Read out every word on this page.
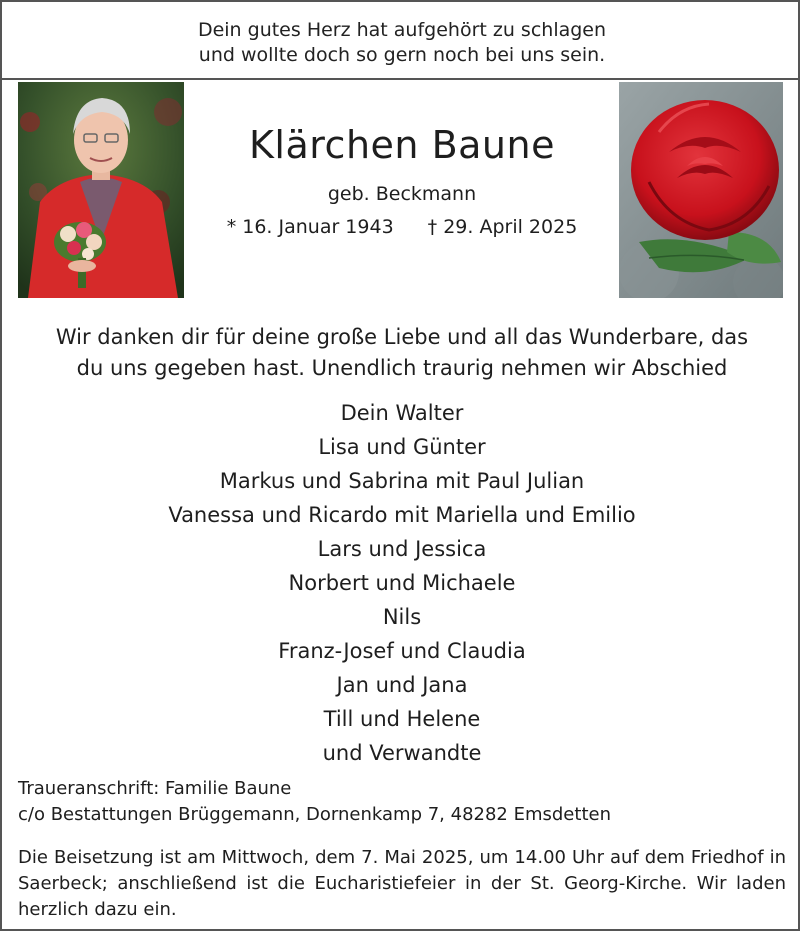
Dein gutes Herz hat aufgehört zu schlagen
und wollte doch so gern noch bei uns sein.
Klärchen Baune
geb. Beckmann
* 16. Januar 1943 † 29. April 2025
Wir danken dir für deine große Liebe und all das Wunderbare, das
du uns gegeben hast. Unendlich traurig nehmen wir Abschied
Dein Walter
Lisa und Günter
Markus und Sabrina mit Paul Julian
Vanessa und Ricardo mit Mariella und Emilio
Lars und Jessica
Norbert und Michaele
Nils
Franz-Josef und Claudia
Jan und Jana
Till und Helene
und Verwandte
Traueranschrift: Familie Baune
c/o Bestattungen Brüggemann, Dornenkamp 7, 48282 Emsdetten
Die Beisetzung ist am Mittwoch, dem 7. Mai 2025, um 14.00 Uhr auf dem Friedhof in Saerbeck; anschließend ist die Eucharistiefeier in der St. Georg-Kirche. Wir laden herzlich dazu ein.
